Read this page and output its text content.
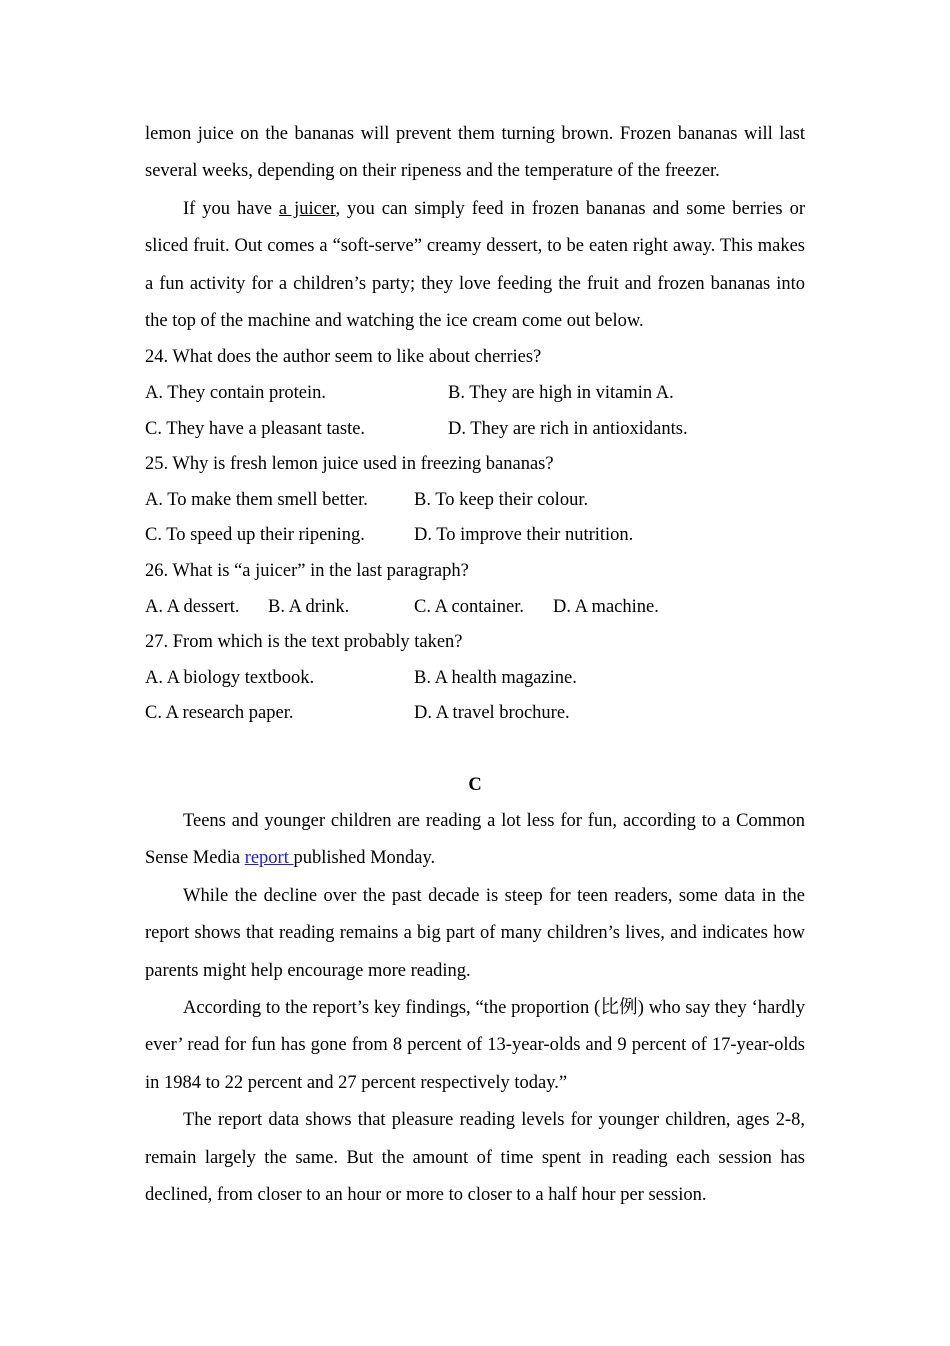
lemon juice on the bananas will prevent them turning brown. Frozen bananas will last several weeks, depending on their ripeness and the temperature of the freezer.

If you have a juicer, you can simply feed in frozen bananas and some berries or sliced fruit. Out comes a “soft-serve” creamy dessert, to be eaten right away. This makes a fun activity for a children’s party; they love feeding the fruit and frozen bananas into the top of the machine and watching the ice cream come out below.

24. What does the author seem to like about cherries?

A. They contain protein.	B. They are high in vitamin A.
C. They have a pleasant taste.	D. They are rich in antioxidants.

25. Why is fresh lemon juice used in freezing bananas?

A. To make them smell better.	B. To keep their colour.
C. To speed up their ripening.	D. To improve their nutrition.

26. What is “a juicer” in the last paragraph?

A. A dessert.	B. A drink.	C. A container.	D. A machine.

27. From which is the text probably taken?

A. A biology textbook.	B. A health magazine.
C. A research paper.	D. A travel brochure.

C

Teens and younger children are reading a lot less for fun, according to a Common Sense Media report published Monday.

While the decline over the past decade is steep for teen readers, some data in the report shows that reading remains a big part of many children’s lives, and indicates how parents might help encourage more reading.

According to the report’s key findings, “the proportion (比例) who say they ‘hardly ever’ read for fun has gone from 8 percent of 13-year-olds and 9 percent of 17-year-olds in 1984 to 22 percent and 27 percent respectively today.”

The report data shows that pleasure reading levels for younger children, ages 2-8, remain largely the same. But the amount of time spent in reading each session has declined, from closer to an hour or more to closer to a half hour per session.
